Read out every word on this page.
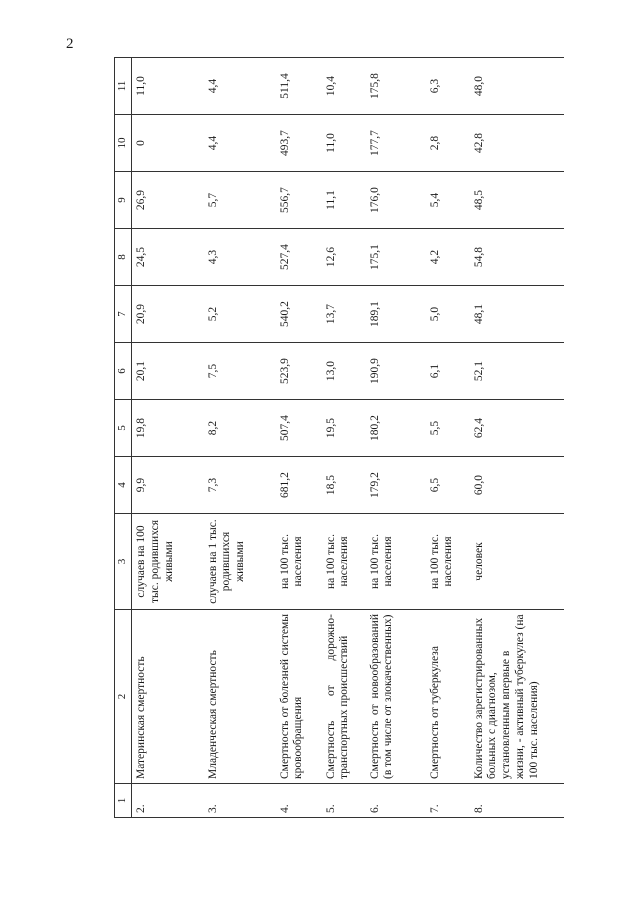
2
1	2	3	4	5	6	7	8	9	10	11
2.	Материнская смертность	случаев на 100 тыс. родившихся живыми	9,9	19,8	20,1	20,9	24,5	26,9	0	11,0
3.	Младенческая смертность	случаев на 1 тыс. родившихся живыми	7,3	8,2	7,5	5,2	4,3	5,7	4,4	4,4
4.	Смертность от болезней системы кровообращения	на 100 тыс. населения	681,2	507,4	523,9	540,2	527,4	556,7	493,7	511,4
5.	Смертность от дорожно-транспортных происшествий	на 100 тыс. населения	18,5	19,5	13,0	13,7	12,6	11,1	11,0	10,4
6.	Смертность от новообразований (в том числе от злокачественных)	на 100 тыс. населения	179,2	180,2	190,9	189,1	175,1	176,0	177,7	175,8
7.	Смертность от туберкулеза	на 100 тыс. населения	6,5	5,5	6,1	5,0	4,2	5,4	2,8	6,3
8.	Количество зарегистрированных больных с диагнозом, установленным впервые в жизни, - активный туберкулез (на 100 тыс. населения)	человек	60,0	62,4	52,1	48,1	54,8	48,5	42,8	48,0
